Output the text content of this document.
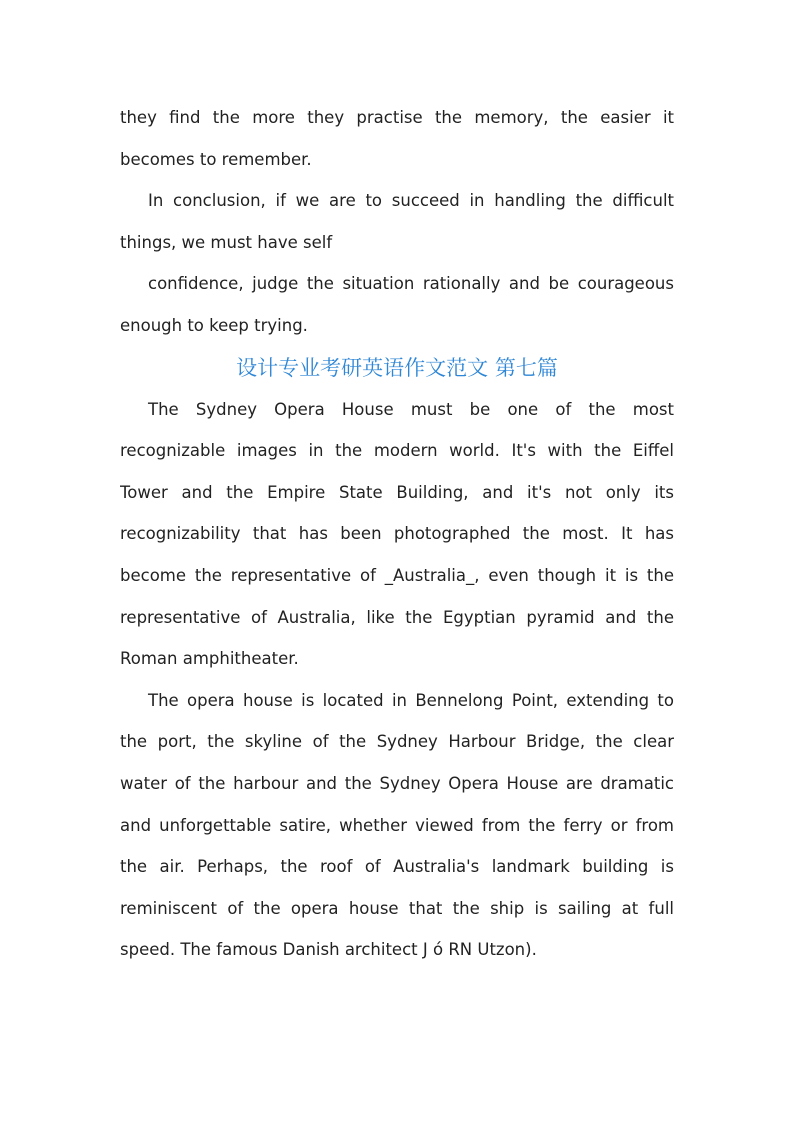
they find the more they practise the memory, the easier it
becomes to remember.
In conclusion, if we are to succeed in handling the difficult
things, we must have self
confidence, judge the situation rationally and be courageous
enough to keep trying.
设计专业考研英语作文范文 第七篇
The Sydney Opera House must be one of the most
recognizable images in the modern world. It's with the Eiffel
Tower and the Empire State Building, and it's not only its
recognizability that has been photographed the most. It has
become the representative of _Australia_, even though it is the
representative of Australia, like the Egyptian pyramid and the
Roman amphitheater.
The opera house is located in Bennelong Point, extending to
the port, the skyline of the Sydney Harbour Bridge, the clear
water of the harbour and the Sydney Opera House are dramatic
and unforgettable satire, whether viewed from the ferry or from
the air. Perhaps, the roof of Australia's landmark building is
reminiscent of the opera house that the ship is sailing at full
speed. The famous Danish architect J ó RN Utzon).
